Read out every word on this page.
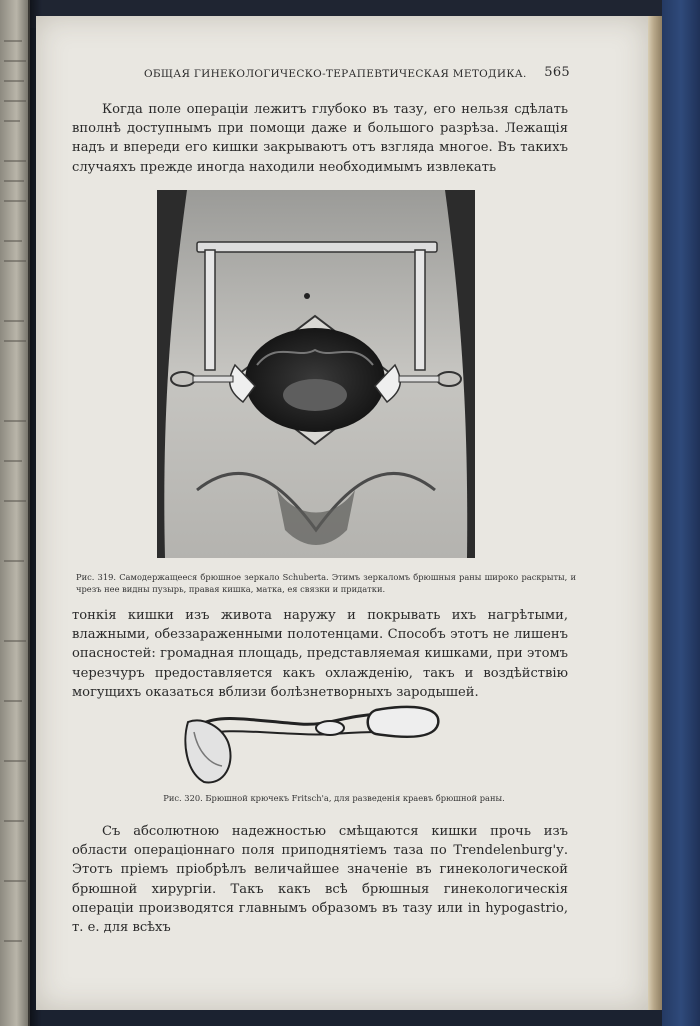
ОБЩАЯ ГИНЕКОЛОГИЧЕСКО-ТЕРАПЕВТИЧЕСКАЯ МЕТОДИКА. 565

Когда поле операціи лежитъ глубоко въ тазу, его нельзя сдѣлать вполнѣ доступнымъ при помощи даже и большого разрѣза. Лежащія надъ и впереди его кишки закрываютъ отъ взгляда многое. Въ такихъ случаяхъ прежде иногда находили необходимымъ извлекать

Рис. 319. Самодержащееся брюшное зеркало Schuberta. Этимъ зеркаломъ брюшныя раны широко раскрыты, и чрезъ нее видны пузырь, правая кишка, матка, ея связки и придатки.

тонкія кишки изъ живота наружу и покрывать ихъ нагрѣтыми, влажными, обеззараженными полотенцами. Способъ этотъ не лишенъ опасностей: громадная площадь, представляемая кишками, при этомъ черезчуръ предоставляется какъ охлажденію, такъ и воздѣйствію могущихъ оказаться вблизи болѣзнетворныхъ зародышей.

Рис. 320. Брюшной крючекъ Fritsch'а, для разведенія краевъ брюшной раны.

Съ абсолютною надежностью смѣщаются кишки прочь изъ области операціоннаго поля приподнятіемъ таза по Trendelenburg'у. Этотъ пріемъ пріобрѣлъ величайшее значеніе въ гинекологической брюшной хирургіи. Такъ какъ всѣ брюшныя гинекологическія операціи производятся главнымъ образомъ въ тазу или in hypogastrio, т. е. для всѣхъ
